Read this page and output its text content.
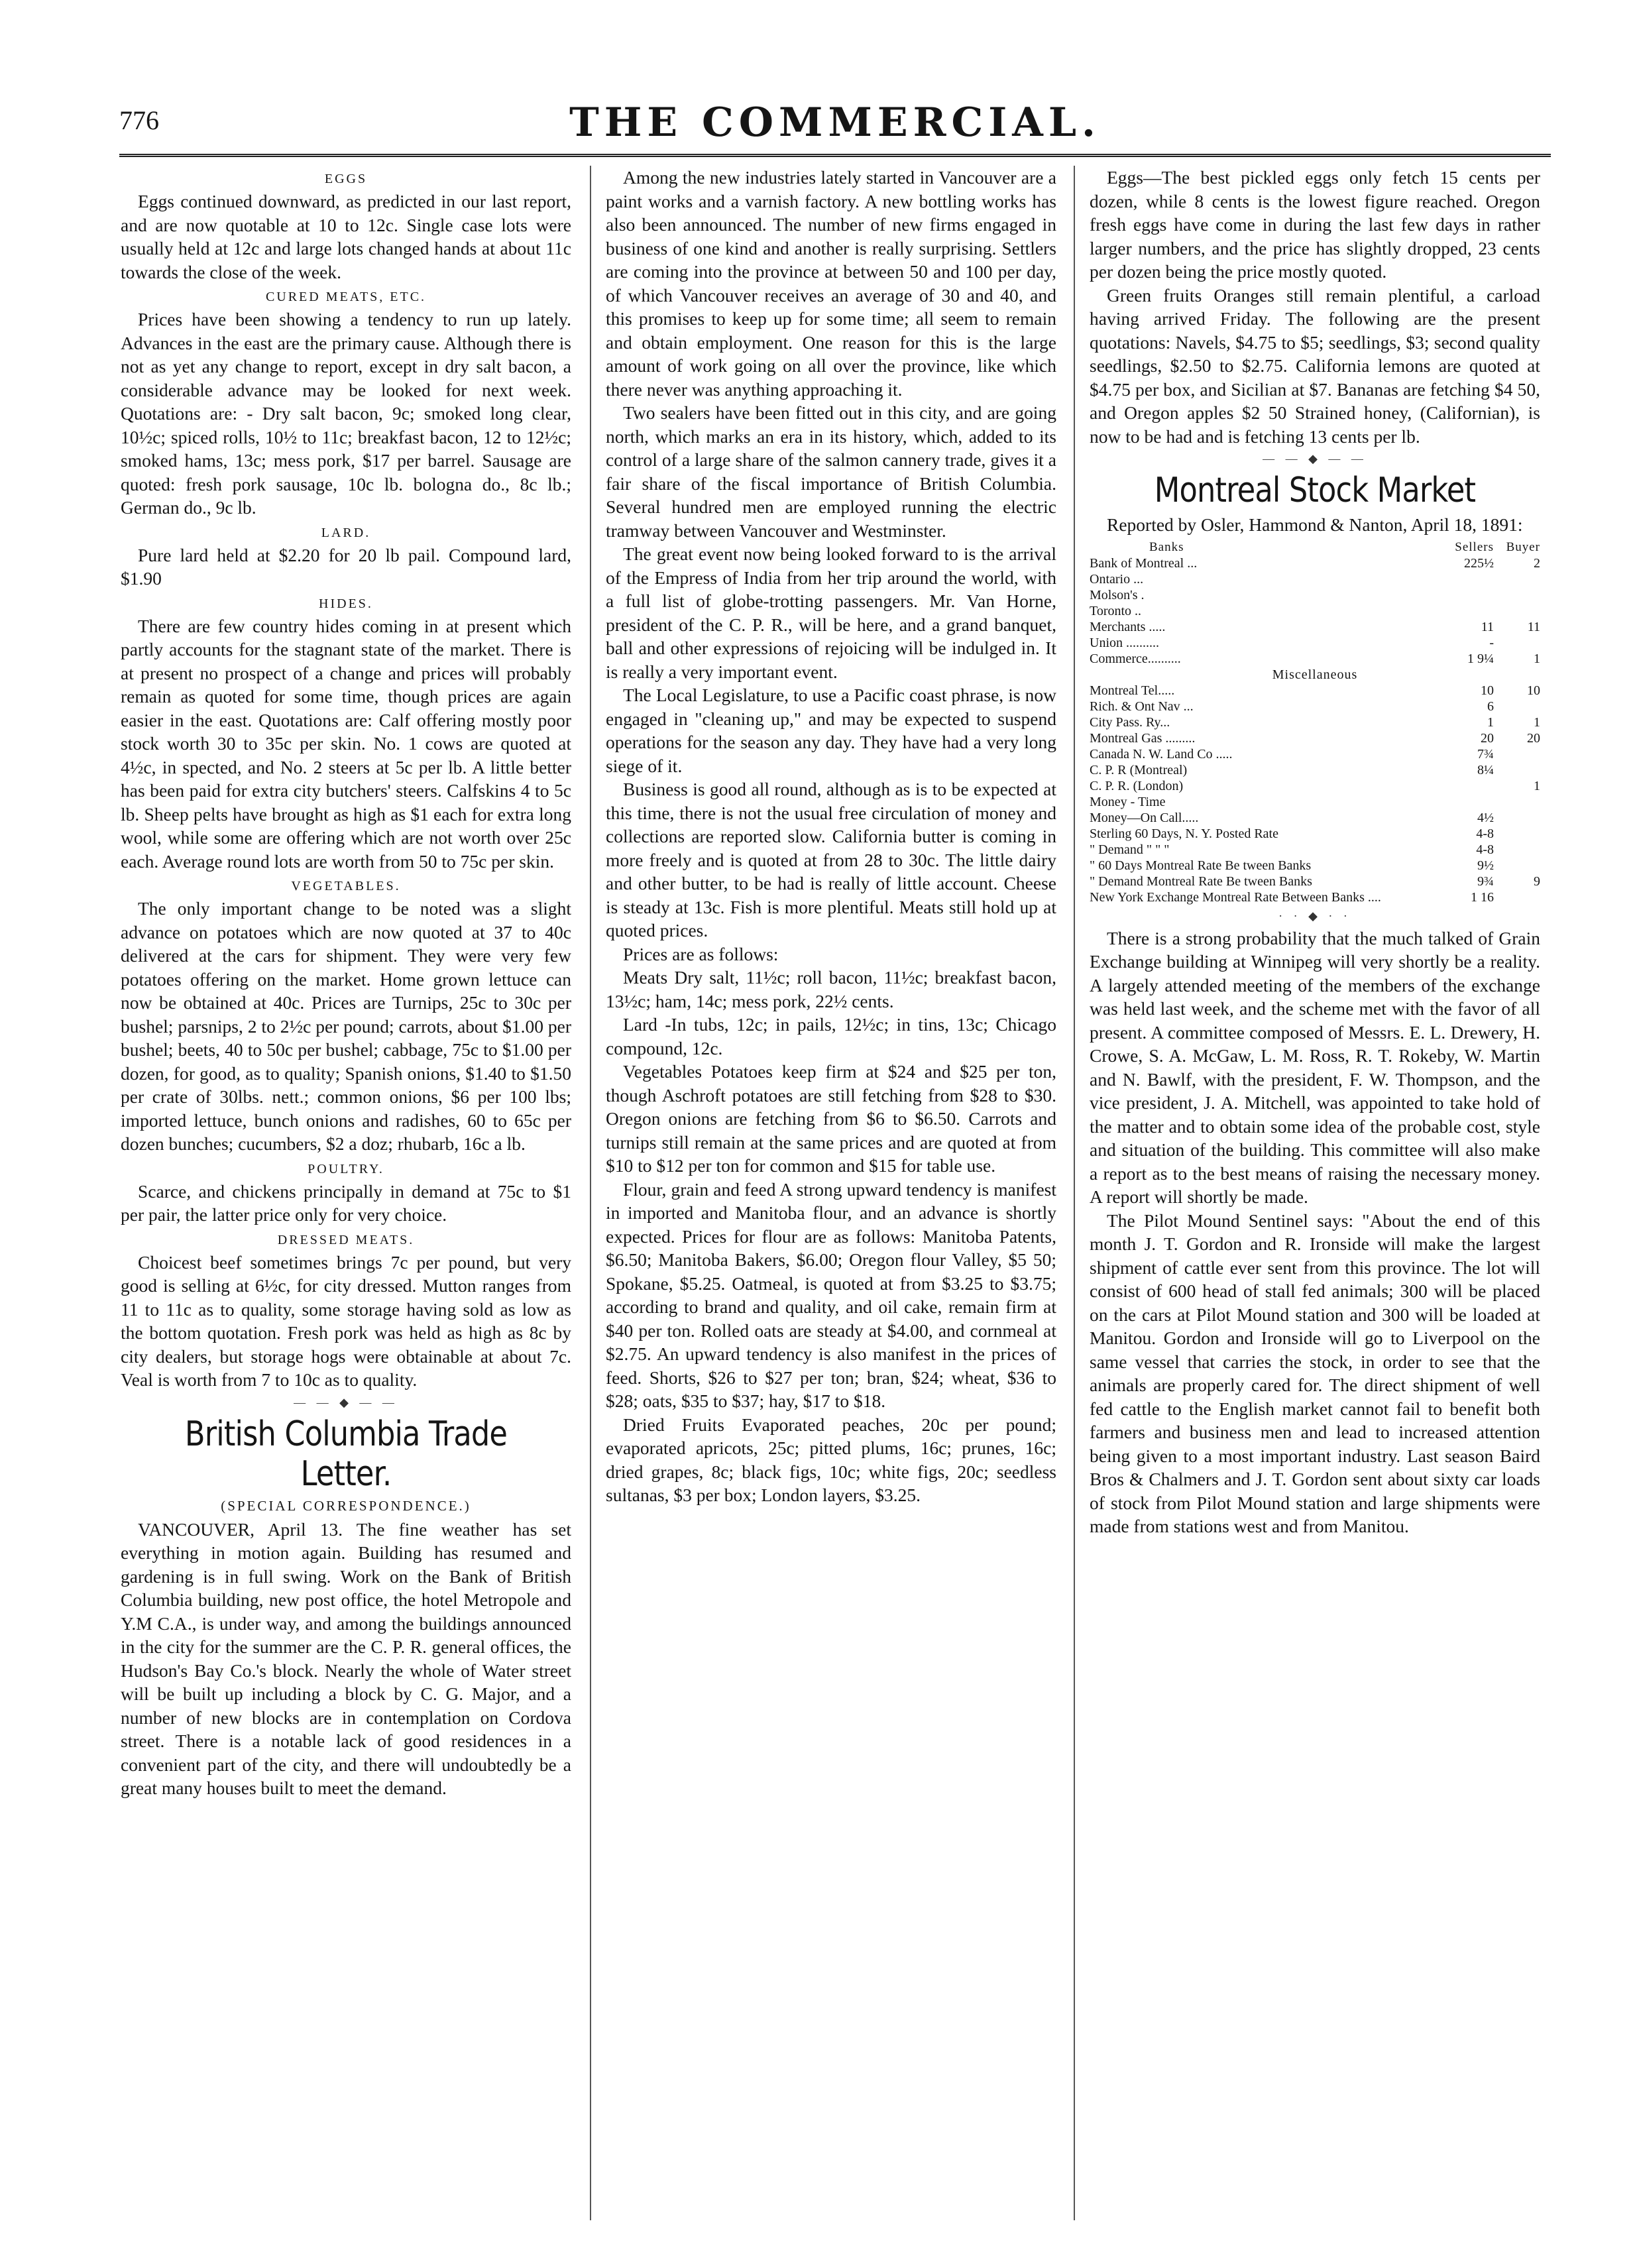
776	THE COMMERCIAL.
EGGS

Eggs continued downward, as predicted in our last report, and are now quotable at 10 to 12c. Single case lots were usually held at 12c and large lots changed hands at about 11c towards the close of the week.

CURED MEATS, ETC.

Prices have been showing a tendency to run up lately. Advances in the east are the primary cause. Although there is not as yet any change to report, except in dry salt bacon, a considerable advance may be looked for next week. Quotations are: - Dry salt bacon, 9c; smoked long clear, 10½c; spiced rolls, 10½ to 11c; breakfast bacon, 12 to 12½c; smoked hams, 13c; mess pork, $17 per barrel. Sausage are quoted: fresh pork sausage, 10c lb. bologna do., 8c lb.; German do., 9c lb.

LARD.

Pure lard held at $2.20 for 20 lb pail. Compound lard, $1.90

HIDES.

There are few country hides coming in at present which partly accounts for the stagnant state of the market. There is at present no prospect of a change and prices will probably remain as quoted for some time, though prices are again easier in the east. Quotations are: Calf offering mostly poor stock worth 30 to 35c per skin. No. 1 cows are quoted at 4½c, in spected, and No. 2 steers at 5c per lb. A little better has been paid for extra city butchers' steers. Calfskins 4 to 5c lb. Sheep pelts have brought as high as $1 each for extra long wool, while some are offering which are not worth over 25c each. Average round lots are worth from 50 to 75c per skin.

VEGETABLES.

The only important change to be noted was a slight advance on potatoes which are now quoted at 37 to 40c delivered at the cars for shipment. They were very few potatoes offering on the market. Home grown lettuce can now be obtained at 40c. Prices are Turnips, 25c to 30c per bushel; parsnips, 2 to 2½c per pound; carrots, about $1.00 per bushel; beets, 40 to 50c per bushel; cabbage, 75c to $1.00 per dozen, for good, as to quality; Spanish onions, $1.40 to $1.50 per crate of 30lbs. nett.; common onions, $6 per 100 lbs; imported lettuce, bunch onions and radishes, 60 to 65c per dozen bunches; cucumbers, $2 a doz; rhubarb, 16c a lb.

POULTRY.

Scarce, and chickens principally in demand at 75c to $1 per pair, the latter price only for very choice.

DRESSED MEATS.

Choicest beef sometimes brings 7c per pound, but very good is selling at 6½c, for city dressed. Mutton ranges from 11 to 11c as to quality, some storage having sold as low as the bottom quotation. Fresh pork was held as high as 8c by city dealers, but storage hogs were obtainable at about 7c. Veal is worth from 7 to 10c as to quality.

— — ◆ — —
British Columbia Trade Letter.
(SPECIAL CORRESPONDENCE.)

VANCOUVER, April 13. The fine weather has set everything in motion again. Building has resumed and gardening is in full swing. Work on the Bank of British Columbia building, new post office, the hotel Metropole and Y.M C.A., is under way, and among the buildings announced in the city for the summer are the C. P. R. general offices, the Hudson's Bay Co.'s block. Nearly the whole of Water street will be built up including a block by C. G. Major, and a number of new blocks are in contemplation on Cordova street. There is a notable lack of good residences in a convenient part of the city, and there will undoubtedly be a great many houses built to meet the demand.

Among the new industries lately started in Vancouver are a paint works and a varnish factory. A new bottling works has also been announced. The number of new firms engaged in business of one kind and another is really surprising. Settlers are coming into the province at between 50 and 100 per day, of which Vancouver receives an average of 30 and 40, and this promises to keep up for some time; all seem to remain and obtain employment. One reason for this is the large amount of work going on all over the province, like which there never was anything approaching it.

Two sealers have been fitted out in this city, and are going north, which marks an era in its history, which, added to its control of a large share of the salmon cannery trade, gives it a fair share of the fiscal importance of British Columbia. Several hundred men are employed running the electric tramway between Vancouver and Westminster.

The great event now being looked forward to is the arrival of the Empress of India from her trip around the world, with a full list of globe-trotting passengers. Mr. Van Horne, president of the C. P. R., will be here, and a grand banquet, ball and other expressions of rejoicing will be indulged in. It is really a very important event.

The Local Legislature, to use a Pacific coast phrase, is now engaged in "cleaning up," and may be expected to suspend operations for the season any day. They have had a very long siege of it.

Business is good all round, although as is to be expected at this time, there is not the usual free circulation of money and collections are reported slow. California butter is coming in more freely and is quoted at from 28 to 30c. The little dairy and other butter, to be had is really of little account. Cheese is steady at 13c. Fish is more plentiful. Meats still hold up at quoted prices.

Prices are as follows:

Meats Dry salt, 11½c; roll bacon, 11½c; breakfast bacon, 13½c; ham, 14c; mess pork, 22½ cents.

Lard -In tubs, 12c; in pails, 12½c; in tins, 13c; Chicago compound, 12c.

Vegetables Potatoes keep firm at $24 and $25 per ton, though Aschroft potatoes are still fetching from $28 to $30. Oregon onions are fetching from $6 to $6.50. Carrots and turnips still remain at the same prices and are quoted at from $10 to $12 per ton for common and $15 for table use.

Flour, grain and feed A strong upward tendency is manifest in imported and Manitoba flour, and an advance is shortly expected. Prices for flour are as follows: Manitoba Patents, $6.50; Manitoba Bakers, $6.00; Oregon flour Valley, $5 50; Spokane, $5.25. Oatmeal, is quoted at from $3.25 to $3.75; according to brand and quality, and oil cake, remain firm at $40 per ton. Rolled oats are steady at $4.00, and cornmeal at $2.75. An upward tendency is also manifest in the prices of feed. Shorts, $26 to $27 per ton; bran, $24; wheat, $36 to $28; oats, $35 to $37; hay, $17 to $18.

Dried Fruits Evaporated peaches, 20c per pound; evaporated apricots, 25c; pitted plums, 16c; prunes, 16c; dried grapes, 8c; black figs, 10c; white figs, 20c; seedless sultanas, $3 per box; London layers, $3.25.

Eggs—The best pickled eggs only fetch 15 cents per dozen, while 8 cents is the lowest figure reached. Oregon fresh eggs have come in during the last few days in rather larger numbers, and the price has slightly dropped, 23 cents per dozen being the price mostly quoted.

Green fruits Oranges still remain plentiful, a carload having arrived Friday. The following are the present quotations: Navels, $4.75 to $5; seedlings, $3; second quality seedlings, $2.50 to $2.75. California lemons are quoted at $4.75 per box, and Sicilian at $7. Bananas are fetching $4 50, and Oregon apples $2 50 Strained honey, (Californian), is now to be had and is fetching 13 cents per lb.

— — ◆ — —
Montreal Stock Market

Reported by Osler, Hammond & Nanton, April 18, 1891:

Banks	Sellers	Buyer
Bank of Montreal ...	225½	2
Ontario ...		
Molson's .		
Toronto ..		
Merchants .....	11	11
Union ..........	-	
Commerce..........	1 9¼	1
Miscellaneous		
Montreal Tel.....	10	10
Rich. & Ont Nav ...	6	
City Pass. Ry...	1	1
Montreal Gas .........	20	20
Canada N. W. Land Co .....	7¾	
C. P. R (Montreal)	8¼	
C. P. R. (London)		1
Money - Time		
Money—On Call.....	4½	
Sterling 60 Days, N. Y. Posted Rate	4-8	
" Demand " " "	4-8	
" 60 Days Montreal Rate Be tween Banks	9½	
" Demand Montreal Rate Be tween Banks	9¾	9
New York Exchange Montreal Rate Between Banks ....	1 16	
· · ◆ · ·

There is a strong probability that the much talked of Grain Exchange building at Winnipeg will very shortly be a reality. A largely attended meeting of the members of the exchange was held last week, and the scheme met with the favor of all present. A committee composed of Messrs. E. L. Drewery, H. Crowe, S. A. McGaw, L. M. Ross, R. T. Rokeby, W. Martin and N. Bawlf, with the president, F. W. Thompson, and the vice president, J. A. Mitchell, was appointed to take hold of the matter and to obtain some idea of the probable cost, style and situation of the building. This committee will also make a report as to the best means of raising the necessary money. A report will shortly be made.

The Pilot Mound Sentinel says: "About the end of this month J. T. Gordon and R. Ironside will make the largest shipment of cattle ever sent from this province. The lot will consist of 600 head of stall fed animals; 300 will be placed on the cars at Pilot Mound station and 300 will be loaded at Manitou. Gordon and Ironside will go to Liverpool on the same vessel that carries the stock, in order to see that the animals are properly cared for. The direct shipment of well fed cattle to the English market cannot fail to benefit both farmers and business men and lead to increased attention being given to a most important industry. Last season Baird Bros & Chalmers and J. T. Gordon sent about sixty car loads of stock from Pilot Mound station and large shipments were made from stations west and from Manitou.
